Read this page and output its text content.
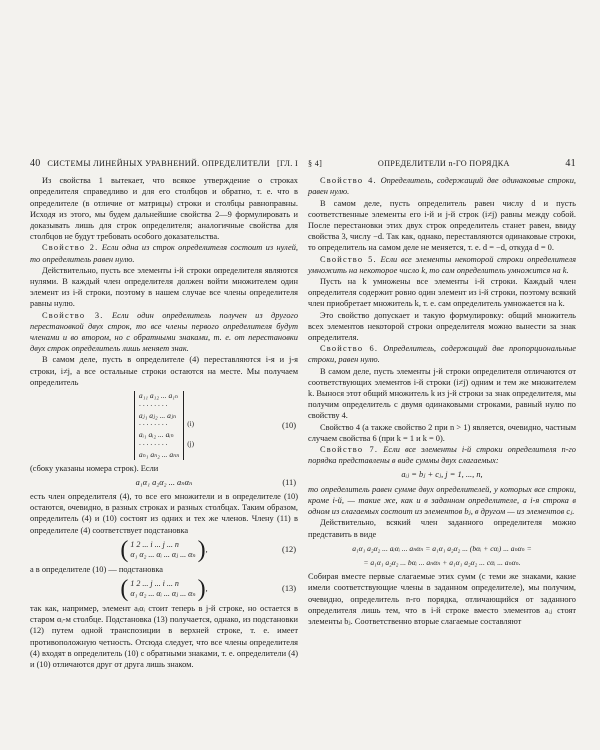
40 СИСТЕМЫ ЛИНЕЙНЫХ УРАВНЕНИЙ. ОПРЕДЕЛИТЕЛИ [ГЛ. I

Из свойства 1 вытекает, что всякое утверждение о строках определителя справедливо и для его столбцов и обратно, т. е. что в определителе (в отличие от матрицы) строки и столбцы равноправны. Исходя из этого, мы будем дальнейшие свойства 2—9 формулировать и доказывать лишь для строк определителя; аналогичные свойства для столбцов не будут требовать особого доказательства.

Свойство 2. Если одна из строк определителя состоит из нулей, то определитель равен нулю.

Действительно, пусть все элементы i-й строки определителя являются нулями. В каждый член определителя должен войти множителем один элемент из i-й строки, поэтому в нашем случае все члены определителя равны нулю.

Свойство 3. Если один определитель получен из другого перестановкой двух строк, то все члены первого определителя будут членами и во втором, но с обратными знаками, т. е. от перестановки двух строк определитель лишь меняет знак.

В самом деле, пусть в определителе (4) переставляются i-я и j-я строки, i≠j, а все остальные строки остаются на месте. Мы получаем определитель

a₁₁ a₁₂ ... a₁ₙ
· · · · · · · ·
aⱼ₁ aⱼ₂ ... aⱼₙ
· · · · · · · ·
aᵢ₁ aᵢ₂ ... aᵢₙ
· · · · · · · ·
aₙ₁ aₙ₂ ... aₙₙ

(i)

(j)
(10)

(сбоку указаны номера строк). Если

a₁α₁ a₂α₂ ... aₙαₙ	(11)

есть член определителя (4), то все его множители и в определителе (10) остаются, очевидно, в разных строках и разных столбцах. Таким образом, определитель (4) и (10) состоят из одних и тех же членов. Члену (11) в определителе (4) соответствует подстановка

( 1 2 ... i ... j ... n
α₁ α₂ ... αᵢ ... αⱼ ... αₙ ) ,	(12)

а в определителе (10) — подстановка

( 1 2 ... j ... i ... n
α₁ α₂ ... αᵢ ... αⱼ ... αₙ ) ,	(13)

так как, например, элемент aᵢαᵢ стоит теперь в j-й строке, но остается в старом αᵢ-м столбце. Подстановка (13) получается, однако, из подстановки (12) путем одной транспозиции в верхней строке, т. е. имеет противоположную четность. Отсюда следует, что все члены определителя (4) входят в определитель (10) с обратными знаками, т. е. определители (4) и (10) отличаются друг от друга лишь знаком.

§ 4]	ОПРЕДЕЛИТЕЛИ n-ГО ПОРЯДКА	41

Свойство 4. Определитель, содержащий две одинаковые строки, равен нулю.

В самом деле, пусть определитель равен числу d и пусть соответственные элементы его i-й и j-й строк (i≠j) равны между собой. После перестановки этих двух строк определитель станет равен, ввиду свойства 3, числу −d. Так как, однако, переставляются одинаковые строки, то определитель на самом деле не меняется, т. е. d = −d, откуда d = 0.

Свойство 5. Если все элементы некоторой строки определителя умножить на некоторое число k, то сам определитель умножится на k.

Пусть на k умножены все элементы i-й строки. Каждый член определителя содержит ровно один элемент из i-й строки, поэтому всякий член приобретает множитель k, т. е. сам определитель умножается на k.

Это свойство допускает и такую формулировку: общий множитель всех элементов некоторой строки определителя можно вынести за знак определителя.

Свойство 6. Определитель, содержащий две пропорциональные строки, равен нулю.

В самом деле, пусть элементы j-й строки определителя отличаются от соответствующих элементов i-й строки (i≠j) одним и тем же множителем k. Вынося этот общий множитель k из j-й строки за знак определителя, мы получим определитель с двумя одинаковыми строками, равный нулю по свойству 4.

Свойство 4 (а также свойство 2 при n > 1) является, очевидно, частным случаем свойства 6 (при k = 1 и k = 0).

Свойство 7. Если все элементы i-й строки определителя n-го порядка представлены в виде суммы двух слагаемых:

aᵢⱼ = bⱼ + cⱼ, j = 1, ..., n,

то определитель равен сумме двух определителей, у которых все строки, кроме i-й, — такие же, как и в заданном определителе, а i-я строка в одном из слагаемых состоит из элементов bⱼ, в другом — из элементов cⱼ.

Действительно, всякий член заданного определителя можно представить в виде

a₁α₁ a₂α₂ ... aᵢαᵢ ... aₙαₙ = a₁α₁ a₂α₂ ... (bαᵢ + cαᵢ) ... aₙαₙ =
= a₁α₁ a₂α₂ ... bαᵢ ... aₙαₙ + a₁α₁ a₂α₂ ... cαᵢ ... aₙαₙ.

Собирая вместе первые слагаемые этих сумм (с теми же знаками, какие имели соответствующие члены в заданном определителе), мы получим, очевидно, определитель n-го порядка, отличающийся от заданного определителя лишь тем, что в i-й строке вместо элементов aᵢⱼ стоят элементы bⱼ. Соответственно вторые слагаемые составляют
